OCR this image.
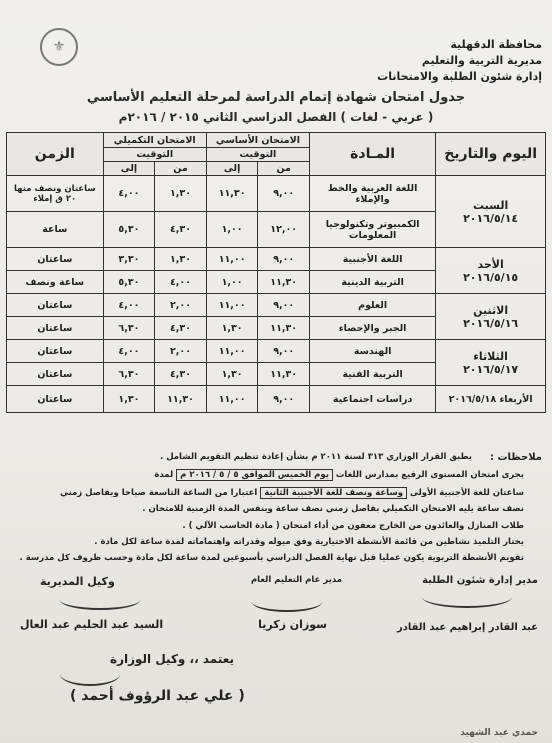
⚜	محافظة الدقهلية
مديرية التربية والتعليم
إدارة شئون الطلبة والامتحانات
جدول امتحان شهادة إتمام الدراسة لمرحلة التعليم الأساسي
( عربي - لغات ) الفصل الدراسي الثاني ٢٠١٥ / ٢٠١٦م
اليوم والتاريخ	المـادة	الامتحان الأساسي		الامتحان التكميلي		الزمن
		التوقيت		التوقيت		
		من	إلى	من	إلى	

السبت
٢٠١٦/٥/١٤	اللغة العربية والخط والإملاء	٩,٠٠	١١,٣٠	١,٣٠	٤,٠٠	ساعتان ونصف منها ٢٠ ق إملاء
	الكمبيوتر وتكنولوجيا المعلومات	١٢,٠٠	١,٠٠	٤,٣٠	٥,٣٠	ساعة

الأحد
٢٠١٦/٥/١٥	اللغة الأجنبية	٩,٠٠	١١,٠٠	١,٣٠	٣,٣٠	ساعتان
	التربية الدينية	١١,٣٠	١,٠٠	٤,٠٠	٥,٣٠	ساعة ونصف

الاثنين
٢٠١٦/٥/١٦	العلوم	٩,٠٠	١١,٠٠	٢,٠٠	٤,٠٠	ساعتان
	الجبر والإحصاء	١١,٣٠	١,٣٠	٤,٣٠	٦,٣٠	ساعتان

الثلاثاء
٢٠١٦/٥/١٧	الهندسة	٩,٠٠	١١,٠٠	٢,٠٠	٤,٠٠	ساعتان
	التربية الفنية	١١,٣٠	١,٣٠	٤,٣٠	٦,٣٠	ساعتان
الأربعاء ٢٠١٦/٥/١٨	دراسات اجتماعية	٩,٠٠	١١,٠٠	١١,٣٠	١,٣٠	ساعتان
ملاحظات :
يطبق القرار الوزاري ٣١٣ لسنة ٢٠١١ م بشأن إعادة تنظيم التقويم الشامل .
يجرى امتحان المستوى الرفيع بمدارس اللغات يوم الخميس الموافق ٥ / ٥ / ٢٠١٦ م لمدة
ساعتان للغة الأجنبية الأولى وساعة ونصف للغة الأجنبية الثانية اعتبارا من الساعة التاسعة صباحا وبفاصل زمني
نصف ساعة يليه الامتحان التكميلي بفاصل زمني نصف ساعة وبنفس المدة الزمنية للامتحان .
طلاب المنازل والعائدون من الخارج معفون من أداء امتحان ( مادة الحاسب الآلي ) .
يختار التلميذ نشاطين من قائمة الأنشطة الاختيارية وفق ميوله وقدراته واهتماماته لمدة ساعة لكل مادة .
تقويم الأنشطة التربوية يكون عمليا قبل نهاية الفصل الدراسي بأسبوعين لمدة ساعة لكل مادة وحسب ظروف كل مدرسة .
مدير إدارة شئون الطلبة
عبد القادر إبراهيم عبد القادر
مدير عام التعليم العام
سوزان زكريا
وكيل المديرية
السيد عبد الحليم عبد العال
يعتمد ،، وكيل الوزارة
( علي عبد الرؤوف أحمد )
حمدي عبد الشهيد
